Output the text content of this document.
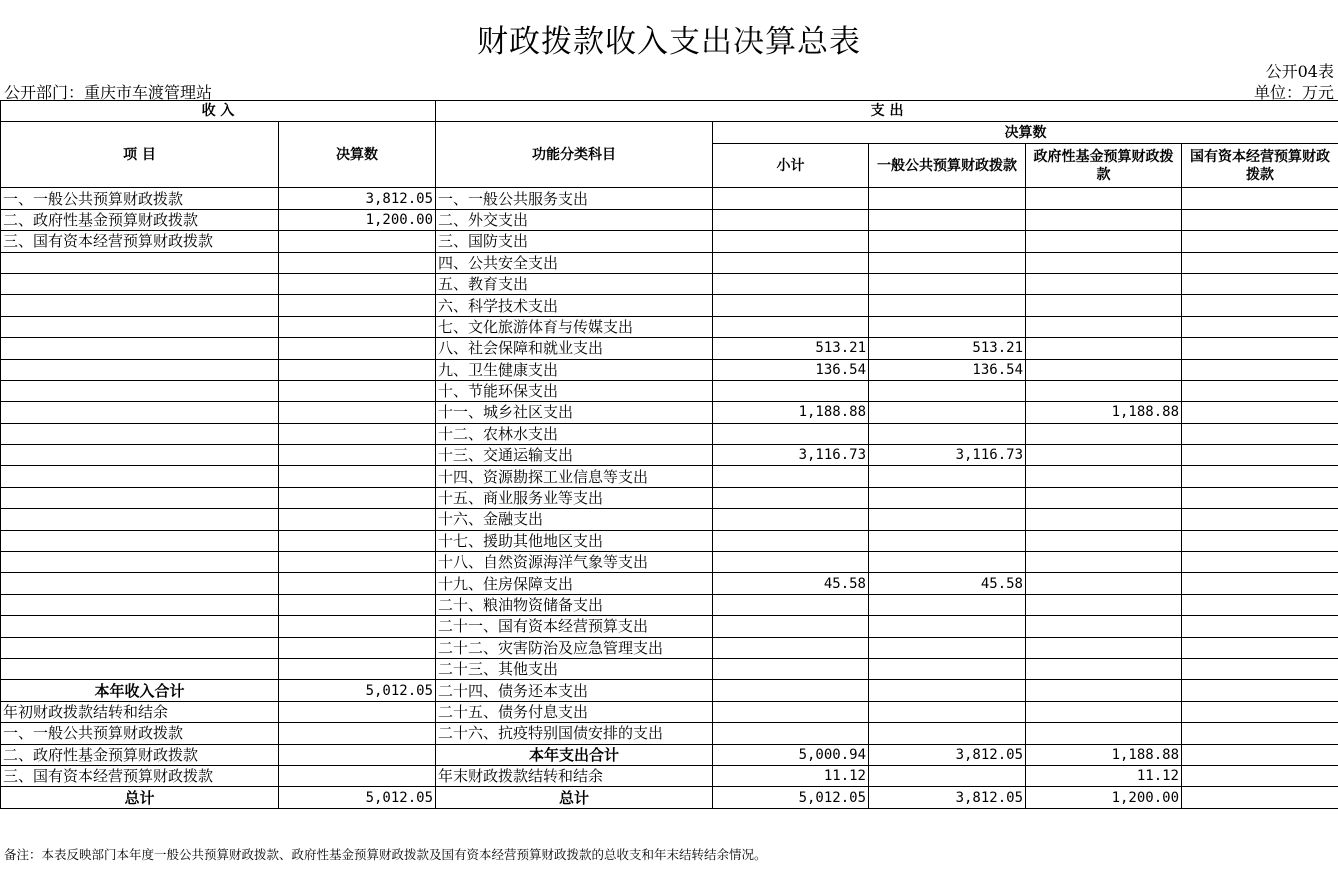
财政拨款收入支出决算总表
公开04表
公开部门：重庆市车渡管理站	单位：万元
收 入		支 出				
项 目	决算数	功能分类科目	决算数			
			小计	一般公共预算财政拨款	政府性基金预算财政拨款	国有资本经营预算财政拨款
一、一般公共预算财政拨款	3,812.05	一、一般公共服务支出				
二、政府性基金预算财政拨款	1,200.00	二、外交支出				
三、国有资本经营预算财政拨款		三、国防支出				
		四、公共安全支出				
		五、教育支出				
		六、科学技术支出				
		七、文化旅游体育与传媒支出				
		八、社会保障和就业支出	513.21	513.21		
		九、卫生健康支出	136.54	136.54		
		十、节能环保支出				
		十一、城乡社区支出	1,188.88		1,188.88	
		十二、农林水支出				
		十三、交通运输支出	3,116.73	3,116.73		
		十四、资源勘探工业信息等支出				
		十五、商业服务业等支出				
		十六、金融支出				
		十七、援助其他地区支出				
		十八、自然资源海洋气象等支出				
		十九、住房保障支出	45.58	45.58		
		二十、粮油物资储备支出				
		二十一、国有资本经营预算支出				
		二十二、灾害防治及应急管理支出				
		二十三、其他支出				
本年收入合计	5,012.05	二十四、债务还本支出				
年初财政拨款结转和结余		二十五、债务付息支出				
一、一般公共预算财政拨款		二十六、抗疫特别国债安排的支出				
二、政府性基金预算财政拨款		本年支出合计	5,000.94	3,812.05	1,188.88	
三、国有资本经营预算财政拨款		年末财政拨款结转和结余	11.12		11.12	
总计	5,012.05	总计	5,012.05	3,812.05	1,200.00	
备注：本表反映部门本年度一般公共预算财政拨款、政府性基金预算财政拨款及国有资本经营预算财政拨款的总收支和年末结转结余情况。
